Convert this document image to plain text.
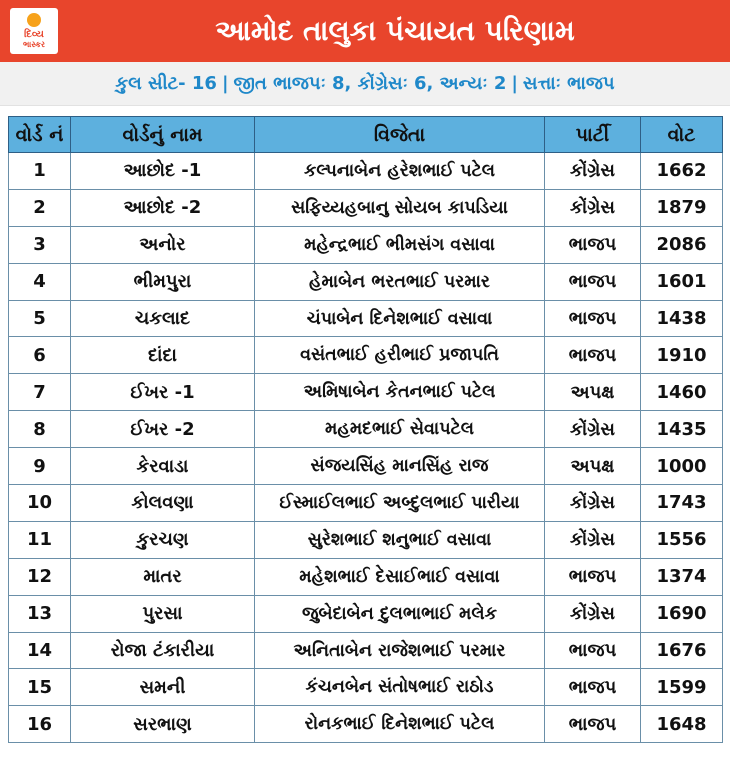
દિવ્ય
ભાસ્કર	આમોદ તાલુકા પંચાયત પરિણામ
કુલ સીટ- 16 | જીત ભાજપઃ 8, કોંગ્રેસઃ 6, અન્યઃ 2 | સત્તાઃ ભાજપ
વોર્ડ નં	વોર્ડનું નામ	વિજેતા	પાર્ટી	વોટ
1	આછોદ -1	કલ્પનાબેન હરેશભાઈ પટેલ	કોંગ્રેસ	1662
2	આછોદ -2	સફિય્યહબાનુ સોયબ કાપડિયા	કોંગ્રેસ	1879
3	અનોર	મહેન્દ્રભાઈ ભીમસંગ વસાવા	ભાજપ	2086
4	ભીમપુરા	હેમાબેન ભરતભાઈ પરમાર	ભાજપ	1601
5	ચકલાદ	ચંપાબેન દિનેશભાઈ વસાવા	ભાજપ	1438
6	દાંદા	વસંતભાઈ હરીભાઈ પ્રજાપતિ	ભાજપ	1910
7	ઈખર -1	અમિષાબેન કેતનભાઈ પટેલ	અપક્ષ	1460
8	ઈખર -2	મહમદભાઈ સેવાપટેલ	કોંગ્રેસ	1435
9	કેરવાડા	સંજયસિંહ માનસિંહ રાજ	અપક્ષ	1000
10	કોલવણા	ઈસ્માઈલભાઈ અબ્દુલભાઈ પારીયા	કોંગ્રેસ	1743
11	કુરચણ	સુરેશભાઈ શનુભાઈ વસાવા	કોંગ્રેસ	1556
12	માતર	મહેશભાઈ દેસાઈભાઈ વસાવા	ભાજપ	1374
13	પુરસા	જુબેદાબેન દુલભાભાઈ મલેક	કોંગ્રેસ	1690
14	રોજા ટંકારીયા	અનિતાબેન રાજેશભાઈ પરમાર	ભાજપ	1676
15	સમની	કંચનબેન સંતોષભાઈ રાઠોડ	ભાજપ	1599
16	સરભાણ	રોનકભાઈ દિનેશભાઈ પટેલ	ભાજપ	1648
